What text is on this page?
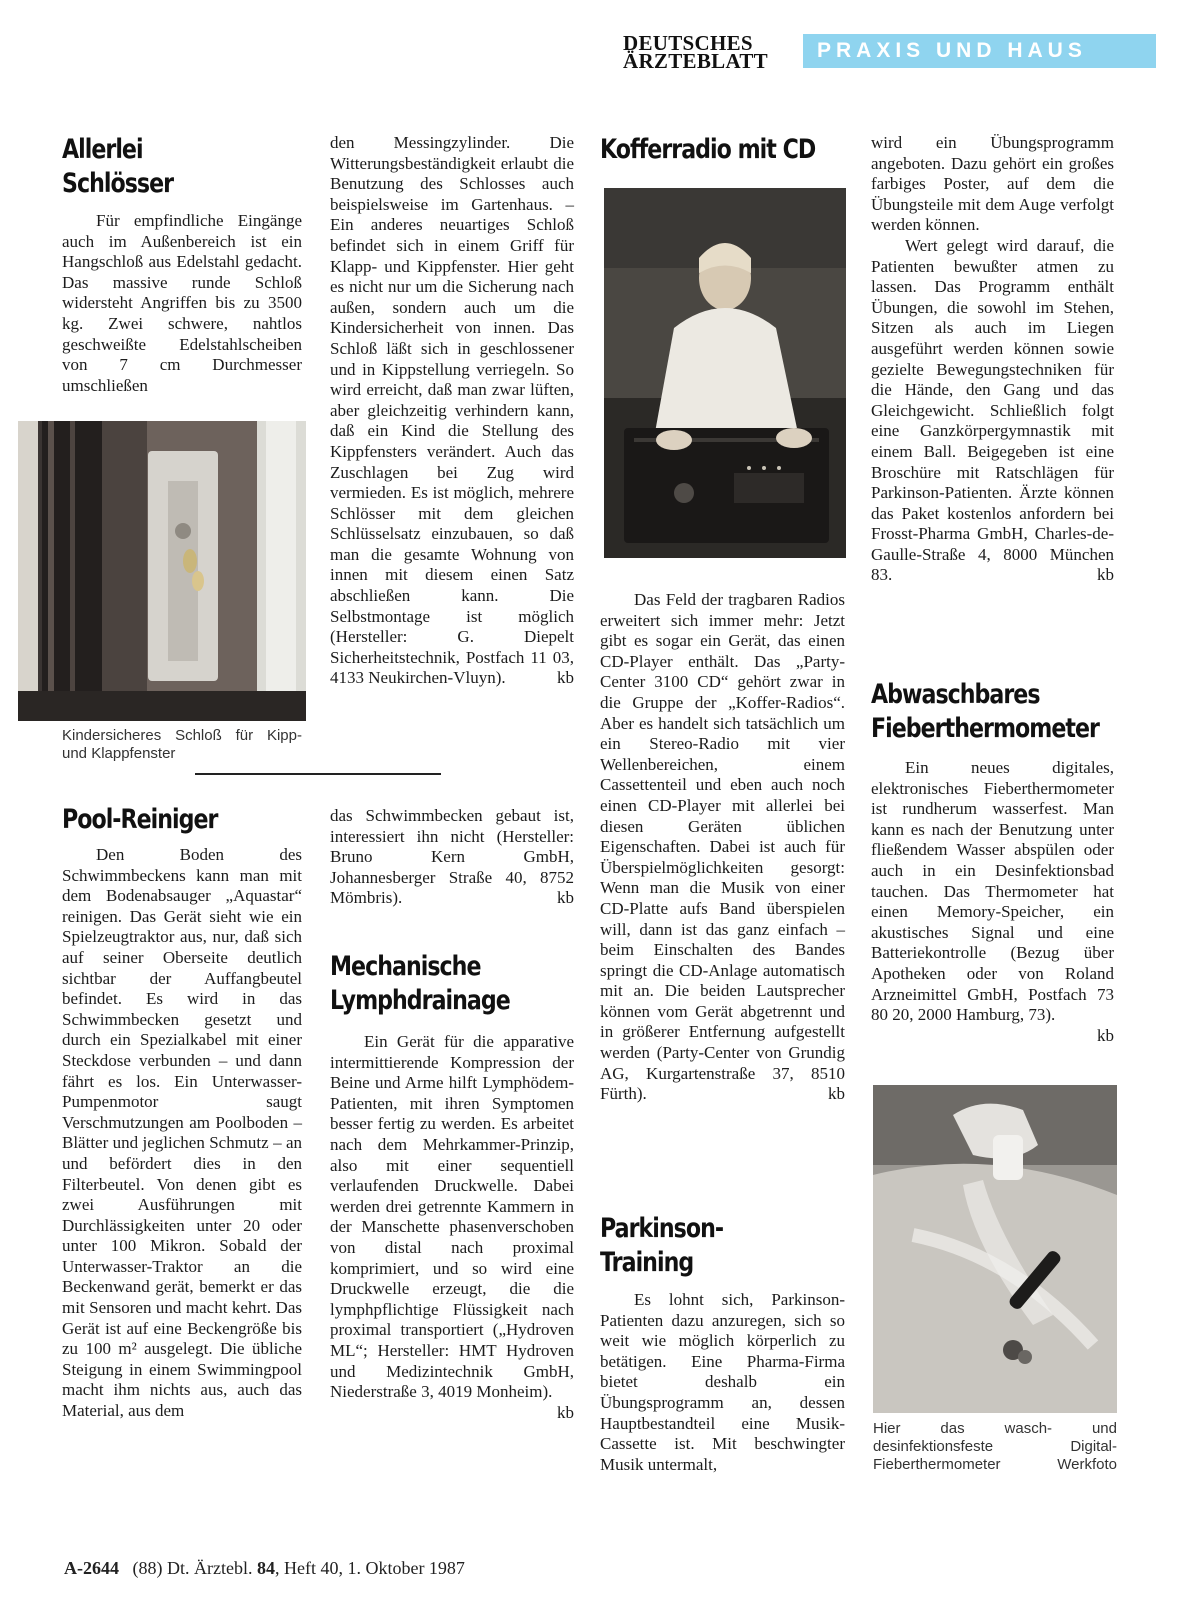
DEUTSCHES
ÄRZTEBLATT	PRAXIS UND HAUS
Allerlei
Schlösser

Für empfindliche Eingänge auch im Außenbereich ist ein Hangschloß aus Edelstahl gedacht. Das massive runde Schloß widersteht Angriffen bis zu 3500 kg. Zwei schwere, nahtlos geschweißte Edelstahlscheiben von 7 cm Durchmesser umschließen

Kindersicheres Schloß für Kipp- und Klappfenster

den Messingzylinder. Die Witterungsbeständigkeit erlaubt die Benutzung des Schlosses auch beispielsweise im Gartenhaus. – Ein anderes neuartiges Schloß befindet sich in einem Griff für Klapp- und Kippfenster. Hier geht es nicht nur um die Sicherung nach außen, sondern auch um die Kindersicherheit von innen. Das Schloß läßt sich in geschlossener und in Kippstellung verriegeln. So wird erreicht, daß man zwar lüften, aber gleichzeitig verhindern kann, daß ein Kind die Stellung des Kippfensters verändert. Auch das Zuschlagen bei Zug wird vermieden. Es ist möglich, mehrere Schlösser mit dem gleichen Schlüsselsatz einzubauen, so daß man die gesamte Wohnung von innen mit diesem einen Satz abschließen kann. Die Selbstmontage ist möglich (Hersteller: G. Diepelt Sicherheitstechnik, Postfach 11 03, 4133 Neukirchen-Vluyn).	kb

Pool-Reiniger

Den Boden des Schwimmbeckens kann man mit dem Bodenabsauger „Aquastar“ reinigen. Das Gerät sieht wie ein Spielzeugtraktor aus, nur, daß sich auf seiner Oberseite deutlich sichtbar der Auffangbeutel befindet. Es wird in das Schwimmbecken gesetzt und durch ein Spezialkabel mit einer Steckdose verbunden – und dann fährt es los. Ein Unterwasser-Pumpenmotor saugt Verschmutzungen am Poolboden – Blätter und jeglichen Schmutz – an und befördert dies in den Filterbeutel. Von denen gibt es zwei Ausführungen mit Durchlässigkeiten unter 20 oder unter 100 Mikron. Sobald der Unterwasser-Traktor an die Beckenwand gerät, bemerkt er das mit Sensoren und macht kehrt. Das Gerät ist auf eine Beckengröße bis zu 100 m² ausgelegt. Die übliche Steigung in einem Swimmingpool macht ihm nichts aus, auch das Material, aus dem

das Schwimmbecken gebaut ist, interessiert ihn nicht (Hersteller: Bruno Kern GmbH, Johannesberger Straße 40, 8752 Mömbris).	kb

Mechanische
Lymphdrainage

Ein Gerät für die apparative intermittierende Kompression der Beine und Arme hilft Lymphödem-Patienten, mit ihren Symptomen besser fertig zu werden. Es arbeitet nach dem Mehrkammer-Prinzip, also mit einer sequentiell verlaufenden Druckwelle. Dabei werden drei getrennte Kammern in der Manschette phasenverschoben von distal nach proximal komprimiert, und so wird eine Druckwelle erzeugt, die die lymphpflichtige Flüssigkeit nach proximal transportiert („Hydroven ML“; Hersteller: HMT Hydroven und Medizintechnik GmbH, Niederstraße 3, 4019 Monheim).
kb

Kofferradio mit CD

Das Feld der tragbaren Radios erweitert sich immer mehr: Jetzt gibt es sogar ein Gerät, das einen CD-Player enthält. Das „Party-Center 3100 CD“ gehört zwar in die Gruppe der „Koffer-Radios“. Aber es handelt sich tatsächlich um ein Stereo-Radio mit vier Wellenbereichen, einem Cassettenteil und eben auch noch einen CD-Player mit allerlei bei diesen Geräten üblichen Eigenschaften. Dabei ist auch für Überspielmöglichkeiten gesorgt: Wenn man die Musik von einer CD-Platte aufs Band überspielen will, dann ist das ganz einfach – beim Einschalten des Bandes springt die CD-Anlage automatisch mit an. Die beiden Lautsprecher können vom Gerät abgetrennt und in größerer Entfernung aufgestellt werden (Party-Center von Grundig AG, Kurgartenstraße 37, 8510 Fürth).	kb

Parkinson-
Training

Es lohnt sich, Parkinson-Patienten dazu anzuregen, sich so weit wie möglich körperlich zu betätigen. Eine Pharma-Firma bietet deshalb ein Übungsprogramm an, dessen Hauptbestandteil eine Musik-Cassette ist. Mit beschwingter Musik untermalt,

wird ein Übungsprogramm angeboten. Dazu gehört ein großes farbiges Poster, auf dem die Übungsteile mit dem Auge verfolgt werden können.

Wert gelegt wird darauf, die Patienten bewußter atmen zu lassen. Das Programm enthält Übungen, die sowohl im Stehen, Sitzen als auch im Liegen ausgeführt werden können sowie gezielte Bewegungstechniken für die Hände, den Gang und das Gleichgewicht. Schließlich folgt eine Ganzkörpergymnastik mit einem Ball. Beigegeben ist eine Broschüre mit Ratschlägen für Parkinson-Patienten. Ärzte können das Paket kostenlos anfordern bei Frosst-Pharma GmbH, Charles-de-Gaulle-Straße 4, 8000 München 83.	kb

Abwaschbares
Fieberthermometer

Ein neues digitales, elektronisches Fieberthermometer ist rundherum wasserfest. Man kann es nach der Benutzung unter fließendem Wasser abspülen oder auch in ein Desinfektionsbad tauchen. Das Thermometer hat einen Memory-Speicher, ein akustisches Signal und eine Batteriekontrolle (Bezug über Apotheken oder von Roland Arzneimittel GmbH, Postfach 73 80 20, 2000 Hamburg, 73).
kb

Hier das wasch- und desinfektionsfeste Digital-Fieberthermometer	Werkfoto

A-2644 (88) Dt. Ärztebl. 84, Heft 40, 1. Oktober 1987
